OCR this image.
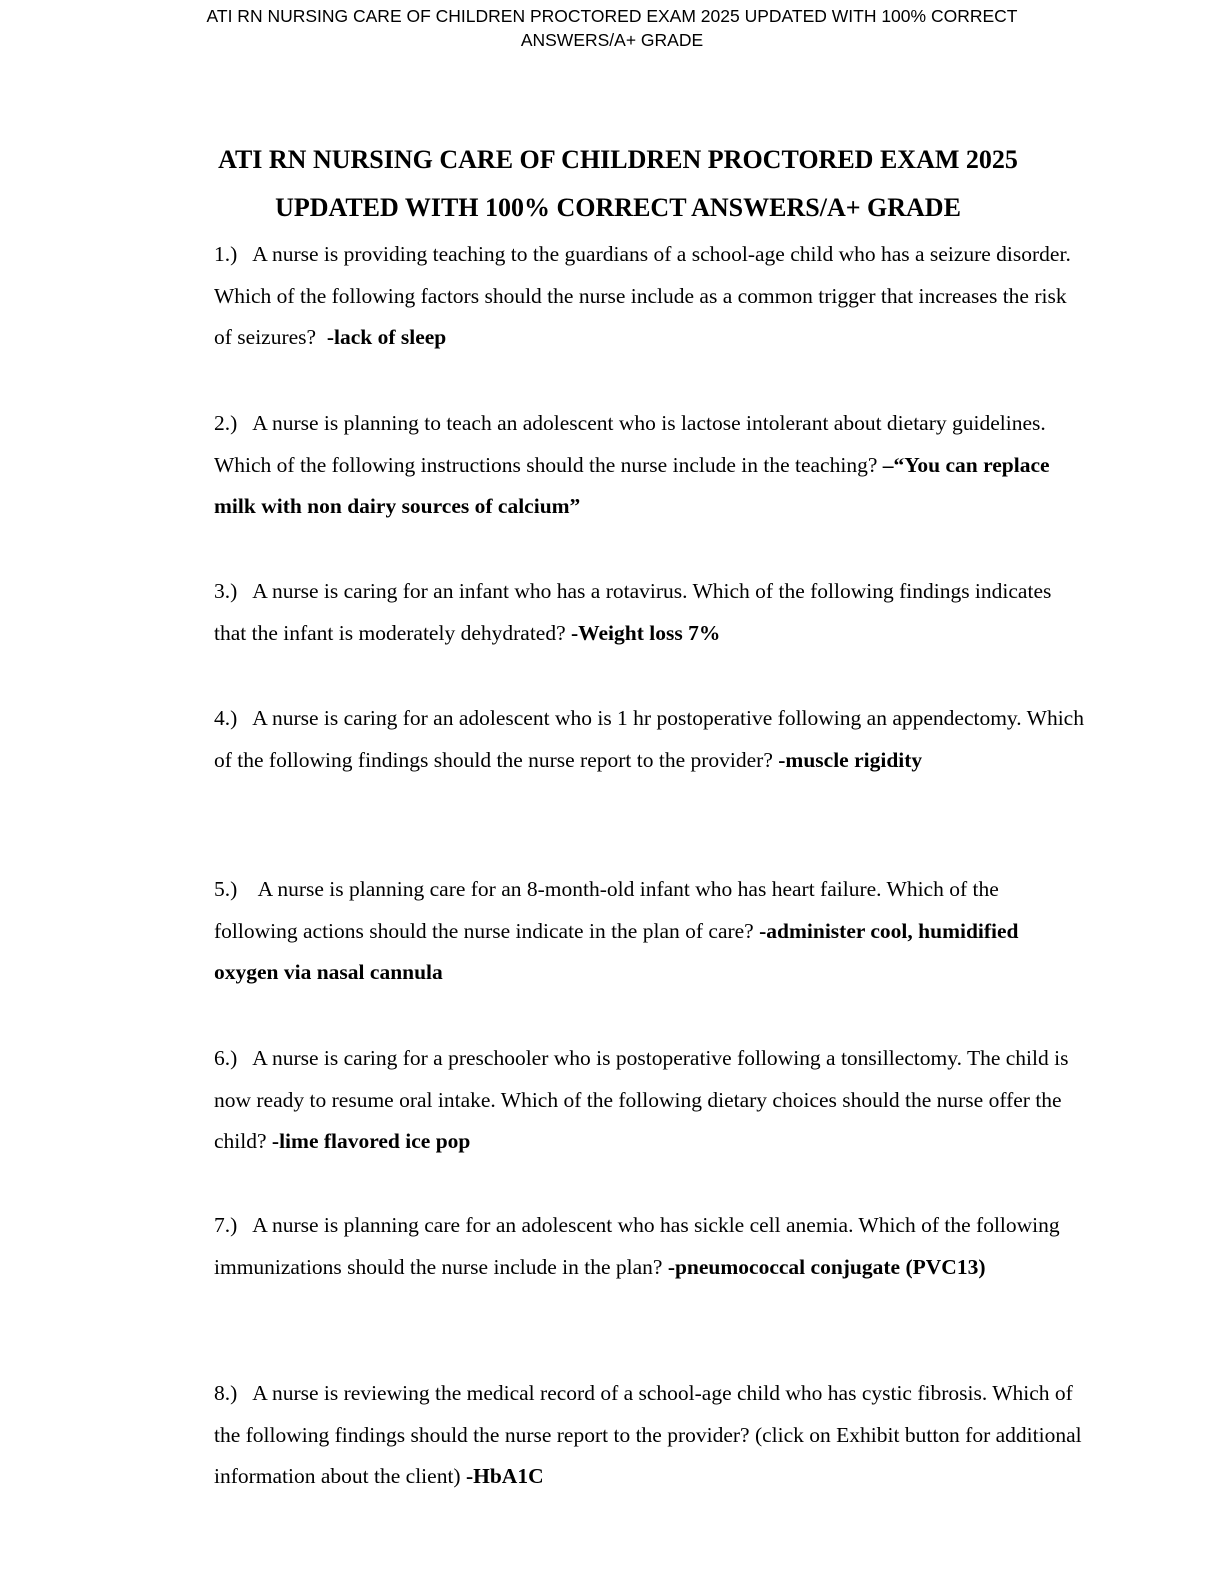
ATI RN NURSING CARE OF CHILDREN PROCTORED EXAM 2025 UPDATED WITH 100% CORRECT
ANSWERS/A+ GRADE
ATI RN NURSING CARE OF CHILDREN PROCTORED EXAM 2025
UPDATED WITH 100% CORRECT ANSWERS/A+ GRADE
1.) A nurse is providing teaching to the guardians of a school-age child who has a seizure disorder. Which of the following factors should the nurse include as a common trigger that increases the risk of seizures? -lack of sleep
2.) A nurse is planning to teach an adolescent who is lactose intolerant about dietary guidelines. Which of the following instructions should the nurse include in the teaching? –“You can replace milk with non dairy sources of calcium”
3.) A nurse is caring for an infant who has a rotavirus. Which of the following findings indicates that the infant is moderately dehydrated? -Weight loss 7%
4.) A nurse is caring for an adolescent who is 1 hr postoperative following an appendectomy. Which of the following findings should the nurse report to the provider? -muscle rigidity
5.) A nurse is planning care for an 8-month-old infant who has heart failure. Which of the following actions should the nurse indicate in the plan of care? -administer cool, humidified oxygen via nasal cannula
6.) A nurse is caring for a preschooler who is postoperative following a tonsillectomy. The child is now ready to resume oral intake. Which of the following dietary choices should the nurse offer the child? -lime flavored ice pop
7.) A nurse is planning care for an adolescent who has sickle cell anemia. Which of the following immunizations should the nurse include in the plan? -pneumococcal conjugate (PVC13)
8.) A nurse is reviewing the medical record of a school-age child who has cystic fibrosis. Which of the following findings should the nurse report to the provider? (click on Exhibit button for additional information about the client) -HbA1C
